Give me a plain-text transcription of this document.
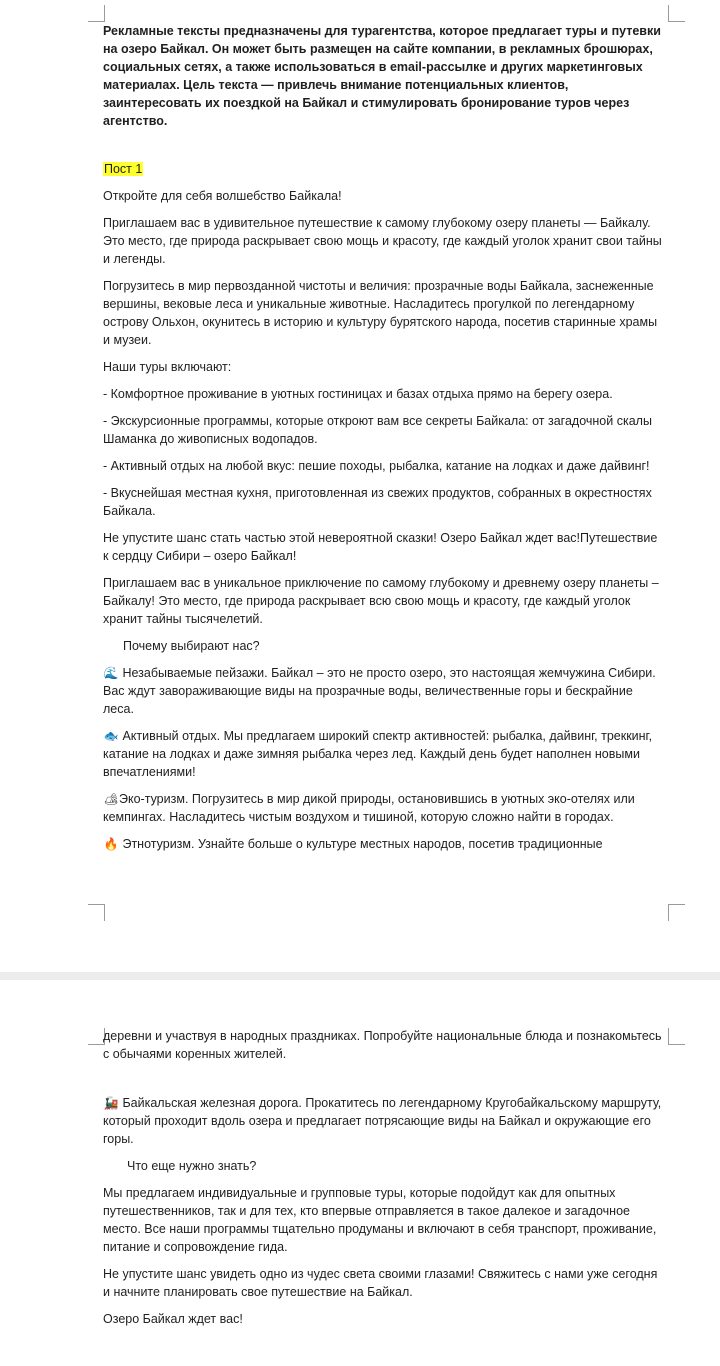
Рекламные тексты предназначены для турагентства, которое предлагает туры и путевки на озеро Байкал. Он может быть размещен на сайте компании, в рекламных брошюрах, социальных сетях, а также использоваться в email-рассылке и других маркетинговых материалах. Цель текста — привлечь внимание потенциальных клиентов, заинтересовать их поездкой на Байкал и стимулировать бронирование туров через агентство.

Пост 1

Откройте для себя волшебство Байкала!

Приглашаем вас в удивительное путешествие к самому глубокому озеру планеты — Байкалу. Это место, где природа раскрывает свою мощь и красоту, где каждый уголок хранит свои тайны и легенды.

Погрузитесь в мир первозданной чистоты и величия: прозрачные воды Байкала, заснеженные вершины, вековые леса и уникальные животные. Насладитесь прогулкой по легендарному острову Ольхон, окунитесь в историю и культуру бурятского народа, посетив старинные храмы и музеи.

Наши туры включают:

- Комфортное проживание в уютных гостиницах и базах отдыха прямо на берегу озера.

- Экскурсионные программы, которые откроют вам все секреты Байкала: от загадочной скалы Шаманка до живописных водопадов.

- Активный отдых на любой вкус: пешие походы, рыбалка, катание на лодках и даже дайвинг!

- Вкуснейшая местная кухня, приготовленная из свежих продуктов, собранных в окрестностях Байкала.

Не упустите шанс стать частью этой невероятной сказки! Озеро Байкал ждет вас!Путешествие к сердцу Сибири – озеро Байкал!

Приглашаем вас в уникальное приключение по самому глубокому и древнему озеру планеты – Байкалу! Это место, где природа раскрывает всю свою мощь и красоту, где каждый уголок хранит тайны тысячелетий.

Почему выбирают нас?

🌊 Незабываемые пейзажи. Байкал – это не просто озеро, это настоящая жемчужина Сибири. Вас ждут завораживающие виды на прозрачные воды, величественные горы и бескрайние леса.

🐟 Активный отдых. Мы предлагаем широкий спектр активностей: рыбалка, дайвинг, треккинг, катание на лодках и даже зимняя рыбалка через лед. Каждый день будет наполнен новыми впечатлениями!

🏕Эко-туризм. Погрузитесь в мир дикой природы, остановившись в уютных эко-отелях или кемпингах. Насладитесь чистым воздухом и тишиной, которую сложно найти в городах.

🔥 Этнотуризм. Узнайте больше о культуре местных народов, посетив традиционные

деревни и участвуя в народных праздниках. Попробуйте национальные блюда и познакомьтесь с обычаями коренных жителей.

🚂 Байкальская железная дорога. Прокатитесь по легендарному Кругобайкальскому маршруту, который проходит вдоль озера и предлагает потрясающие виды на Байкал и окружающие его горы.

Что еще нужно знать?

Мы предлагаем индивидуальные и групповые туры, которые подойдут как для опытных путешественников, так и для тех, кто впервые отправляется в такое далекое и загадочное место. Все наши программы тщательно продуманы и включают в себя транспорт, проживание, питание и сопровождение гида.

Не упустите шанс увидеть одно из чудес света своими глазами! Свяжитесь с нами уже сегодня и начните планировать свое путешествие на Байкал.

Озеро Байкал ждет вас!
